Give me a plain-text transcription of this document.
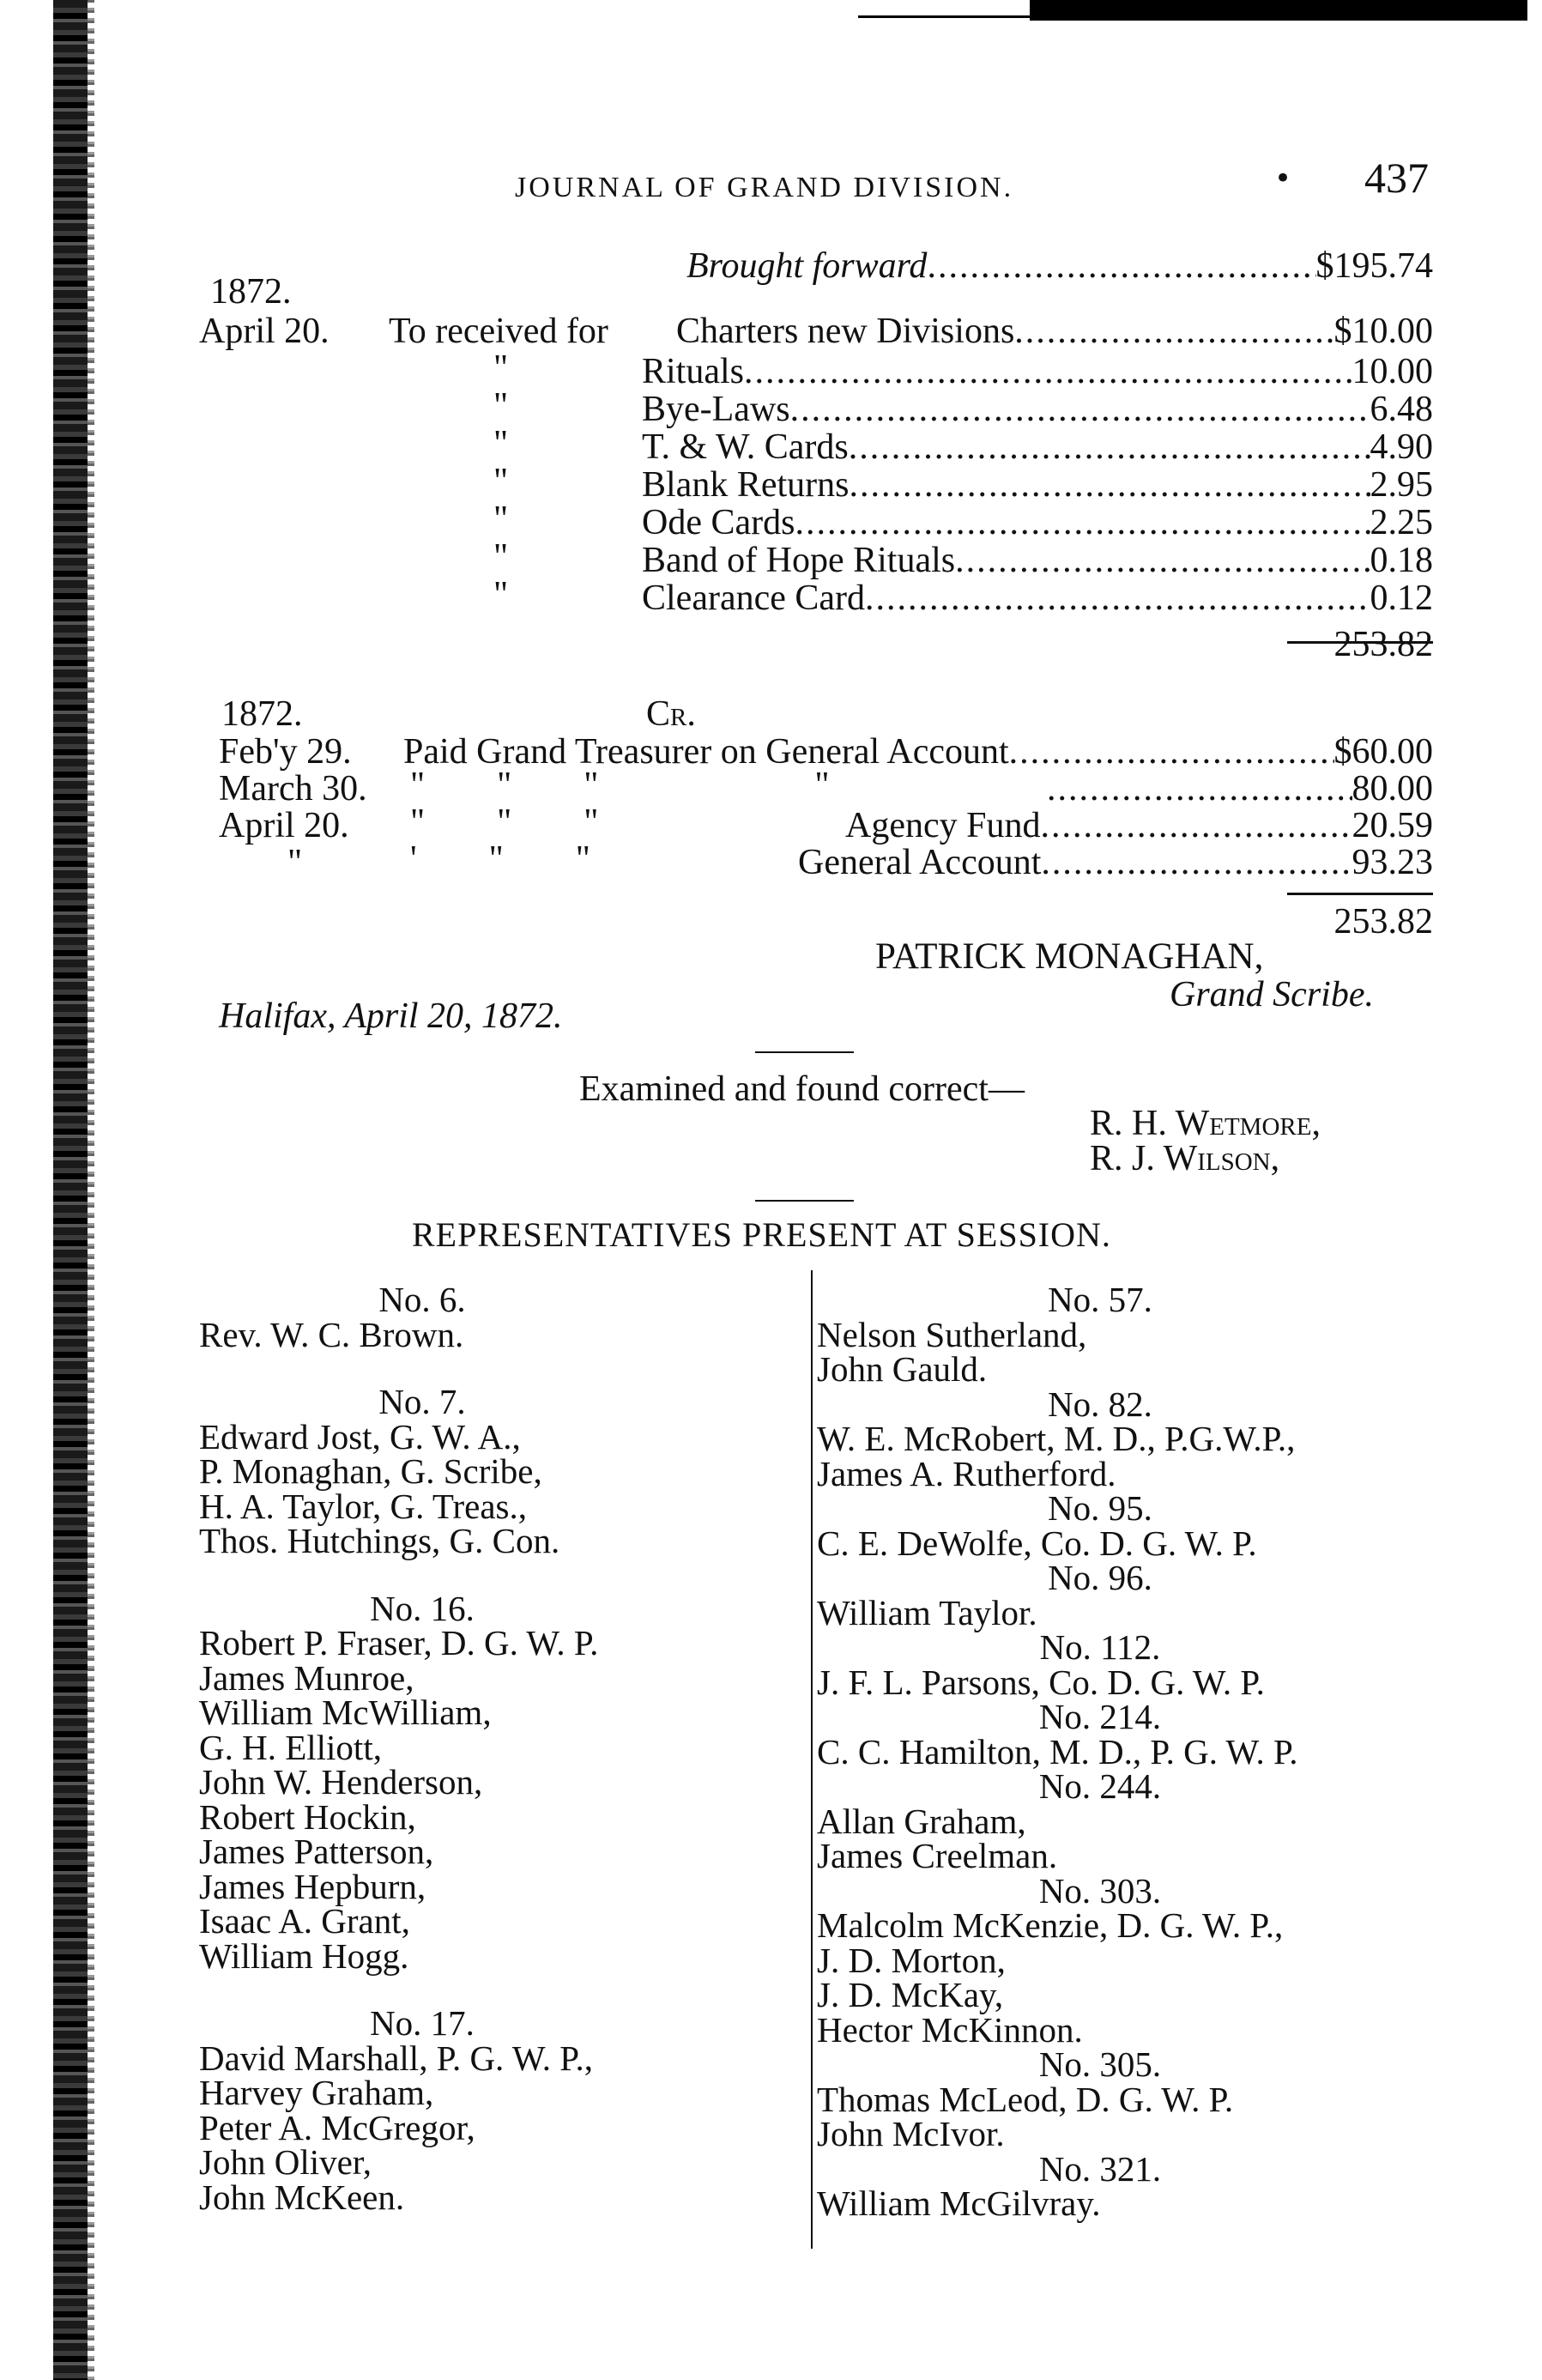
JOURNAL OF GRAND DIVISION.	• 437
Brought forward .....	$195.74
1872.
April 20. To received for Charters new Divisions .....	$10.00
"	Rituals .....	10.00
"	Bye-Laws .....	6.48
"	T. & W. Cards .....	4.90
"	Blank Returns .....	2.95
"	Ode Cards .....	2.25
"	Band of Hope Rituals .....	0.18
"	Clearance Card .....	0.12
253.82
1872.	Cr.
Feb'y 29. Paid Grand Treasurer on General Account .....	$60.00
March 30. "        "        "                        " .....	80.00
April 20. "        "        "	Agency Fund .....	20.59
"	'        "        "	General Account .....	93.23
253.82
PATRICK MONAGHAN,
Grand Scribe.
Halifax, April 20, 1872.
Examined and found correct—
R. H. Wetmore,
R. J. Wilson,
REPRESENTATIVES PRESENT AT SESSION.
No. 6.
Rev. W. C. Brown.
No. 7.
Edward Jost, G. W. A.,
P. Monaghan, G. Scribe,
H. A. Taylor, G. Treas.,
Thos. Hutchings, G. Con.
No. 16.
Robert P. Fraser, D. G. W. P.
James Munroe,
William McWilliam,
G. H. Elliott,
John W. Henderson,
Robert Hockin,
James Patterson,
James Hepburn,
Isaac A. Grant,
William Hogg.
No. 17.
David Marshall, P. G. W. P.,
Harvey Graham,
Peter A. McGregor,
John Oliver,
John McKeen.
No. 57.
Nelson Sutherland,
John Gauld.
No. 82.
W. E. McRobert, M. D., P.G.W.P.,
James A. Rutherford.
No. 95.
C. E. DeWolfe, Co. D. G. W. P.
No. 96.
William Taylor.
No. 112.
J. F. L. Parsons, Co. D. G. W. P.
No. 214.
C. C. Hamilton, M. D., P. G. W. P.
No. 244.
Allan Graham,
James Creelman.
No. 303.
Malcolm McKenzie, D. G. W. P.,
J. D. Morton,
J. D. McKay,
Hector McKinnon.
No. 305.
Thomas McLeod, D. G. W. P.
John McIvor.
No. 321.
William McGilvray.
